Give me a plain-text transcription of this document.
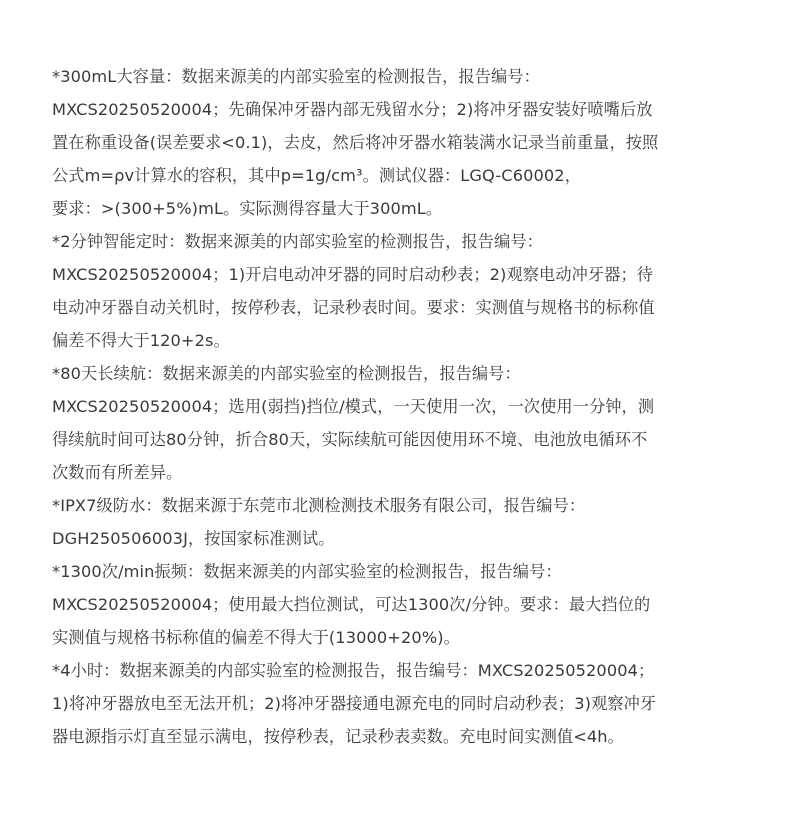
*300mL大容量：数据来源美的内部实验室的检测报告，报告编号：
MXCS20250520004；先确保冲牙器内部无残留水分；2)将冲牙器安装好喷嘴后放
置在称重设备(误差要求<0.1)，去皮，然后将冲牙器水箱装满水记录当前重量，按照
公式m=ρv计算水的容积，其中p=1g/cm³。测试仪器：LGQ-C60002，
要求：>(300+5%)mL。实际测得容量大于300mL。
*2分钟智能定时：数据来源美的内部实验室的检测报告，报告编号：
MXCS20250520004；1)开启电动冲牙器的同时启动秒表；2)观察电动冲牙器；待
电动冲牙器自动关机时，按停秒表，记录秒表时间。要求：实测值与规格书的标称值
偏差不得大于120+2s。
*80天长续航：数据来源美的内部实验室的检测报告，报告编号：
MXCS20250520004；选用(弱挡)挡位/模式，一天使用一次，一次使用一分钟，测
得续航时间可达80分钟，折合80天，实际续航可能因使用环不境、电池放电循环不
次数而有所差异。
*IPX7级防水：数据来源于东莞市北测检测技术服务有限公司，报告编号：
DGH250506003J，按国家标准测试。
*1300次/min振频：数据来源美的内部实验室的检测报告，报告编号：
MXCS20250520004；使用最大挡位测试，可达1300次/分钟。要求：最大挡位的
实测值与规格书标称值的偏差不得大于(13000+20%)。
*4小时：数据来源美的内部实验室的检测报告，报告编号：MXCS20250520004；
1)将冲牙器放电至无法开机；2)将冲牙器接通电源充电的同时启动秒表；3)观察冲牙
器电源指示灯直至显示满电，按停秒表，记录秒表卖数。充电时间实测值<4h。
